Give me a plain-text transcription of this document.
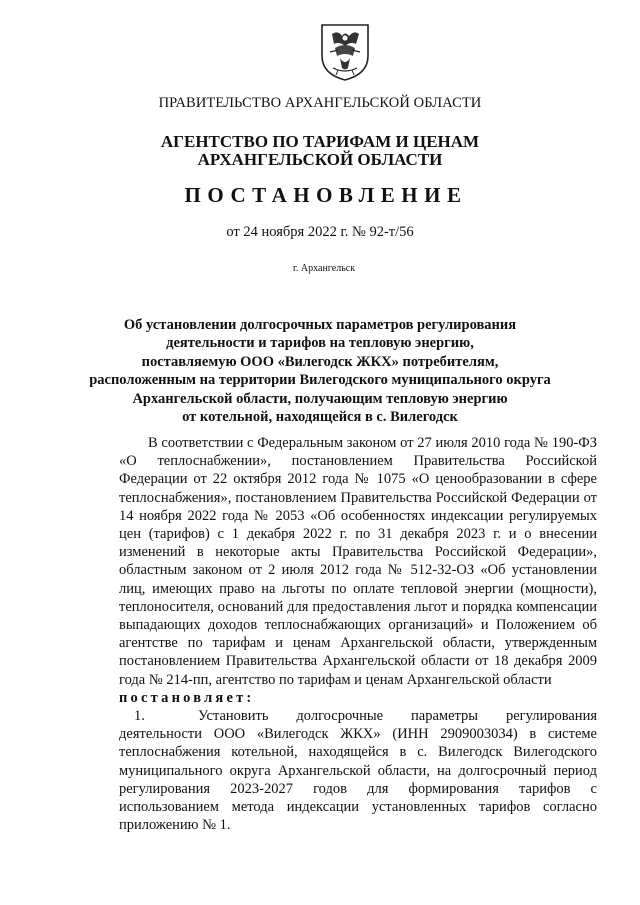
ПРАВИТЕЛЬСТВО АРХАНГЕЛЬСКОЙ ОБЛАСТИ
АГЕНТСТВО ПО ТАРИФАМ И ЦЕНАМ
АРХАНГЕЛЬСКОЙ ОБЛАСТИ
ПОСТАНОВЛЕНИЕ
от 24 ноября 2022 г. № 92-т/56
г. Архангельск
Об установлении долгосрочных параметров регулирования
деятельности и тарифов на тепловую энергию,
поставляемую ООО «Вилегодск ЖКХ» потребителям,
расположенным на территории Вилегодского муниципального округа
Архангельской области, получающим тепловую энергию
от котельной, находящейся в с. Вилегодск

В соответствии с Федеральным законом от 27 июля 2010 года № 190-ФЗ «О теплоснабжении», постановлением Правительства Российской Федерации от 22 октября 2012 года № 1075 «О ценообразовании в сфере теплоснабжения», постановлением Правительства Российской Федерации от 14 ноября 2022 года № 2053 «Об особенностях индексации регулируемых цен (тарифов) с 1 декабря 2022 г. по 31 декабря 2023 г. и о внесении изменений в некоторые акты Правительства Российской Федерации», областным законом от 2 июля 2012 года № 512-32-ОЗ «Об установлении лиц, имеющих право на льготы по оплате тепловой энергии (мощности), теплоносителя, оснований для предоставления льгот и порядка компенсации выпадающих доходов теплоснабжающих организаций» и Положением об агентстве по тарифам и ценам Архангельской области, утвержденным постановлением Правительства Архангельской области от 18 декабря 2009 года № 214-пп, агентство по тарифам и ценам Архангельской области

постановляет:

1.	Установить долгосрочные параметры регулирования

деятельности ООО «Вилегодск ЖКХ» (ИНН 2909003034) в системе теплоснабжения котельной, находящейся в с. Вилегодск Вилегодского муниципального округа Архангельской области, на долгосрочный период регулирования 2023-2027 годов для формирования тарифов с использованием метода индексации установленных тарифов согласно приложению № 1.
